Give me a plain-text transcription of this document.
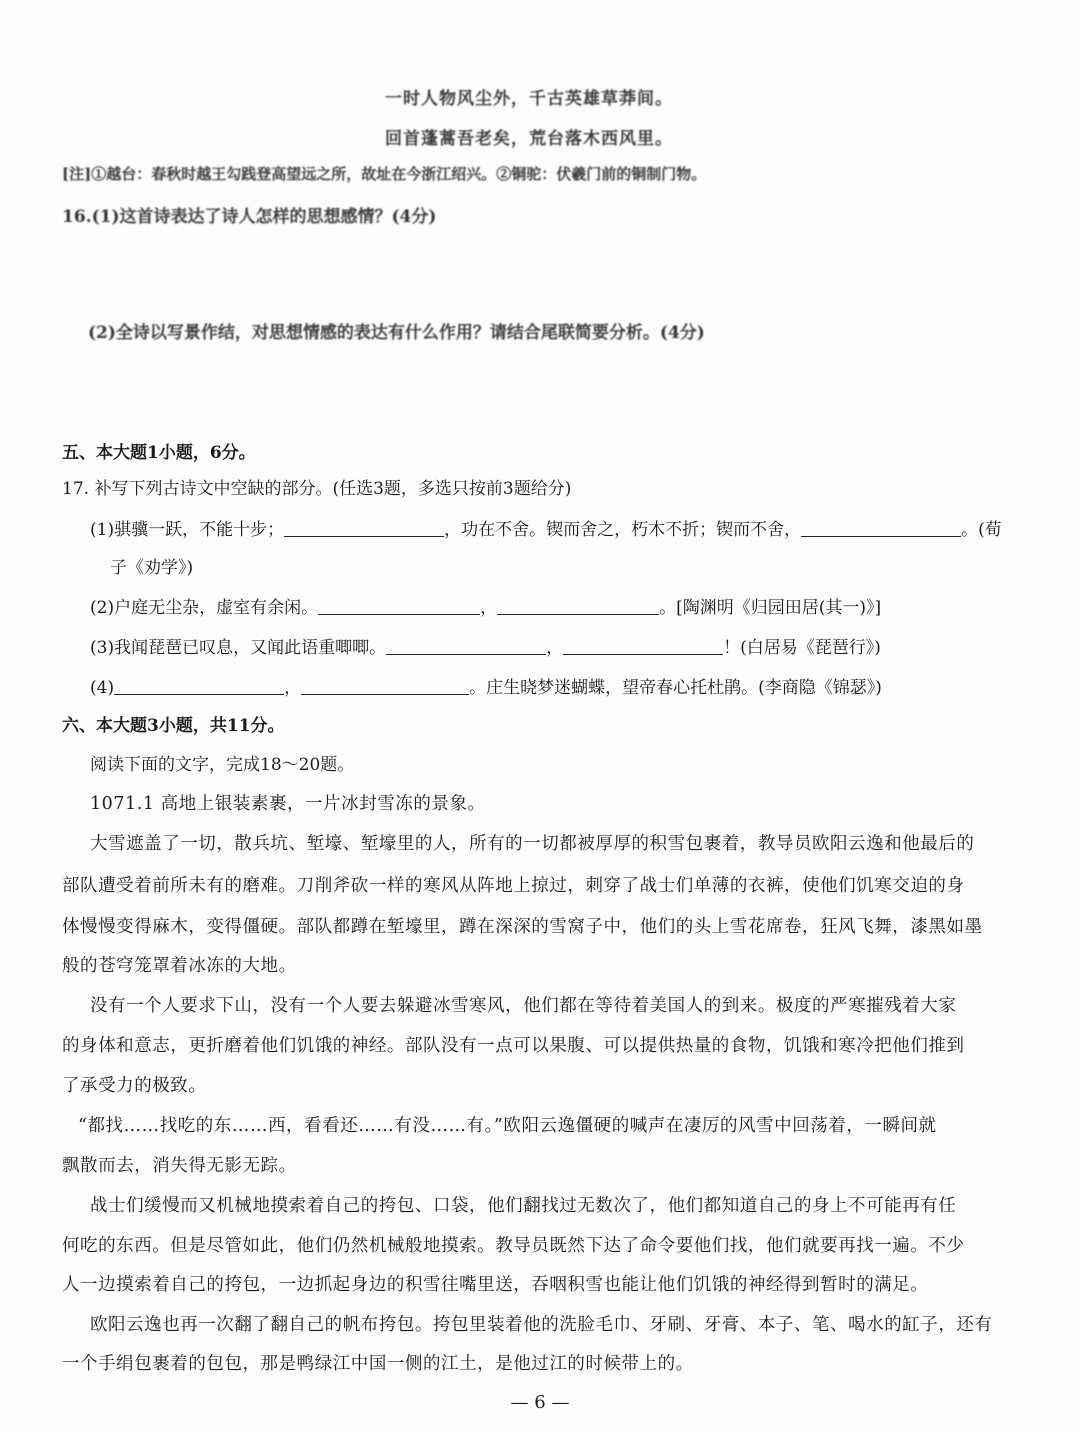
一时人物风尘外，千古英雄草莽间。
回首蓬蒿吾老矣，荒台落木西风里。
[注]①越台：春秋时越王勾践登高望远之所，故址在今浙江绍兴。②铜驼：伏羲门前的铜制门物。
16.(1)这首诗表达了诗人怎样的思想感情？(4分)
(2)全诗以写景作结，对思想情感的表达有什么作用？请结合尾联简要分析。(4分)
五、本大题1小题，6分。
17. 补写下列古诗文中空缺的部分。(任选3题，多选只按前3题给分)
(1)骐骥一跃，不能十步；	，功在不舍。锲而舍之，朽木不折；锲而不舍，	。(荀
子《劝学》)
(2)户庭无尘杂，虚室有余闲。	，	。[陶渊明《归园田居(其一)》]
(3)我闻琵琶已叹息，又闻此语重唧唧。	，	！(白居易《琵琶行》)
(4)	，	。庄生晓梦迷蝴蝶，望帝春心托杜鹃。(李商隐《锦瑟》)
六、本大题3小题，共11分。
阅读下面的文字，完成18～20题。
1071.1 高地上银装素裹，一片冰封雪冻的景象。
大雪遮盖了一切，散兵坑、堑壕、堑壕里的人，所有的一切都被厚厚的积雪包裹着，教导员欧阳云逸和他最后的
部队遭受着前所未有的磨难。刀削斧砍一样的寒风从阵地上掠过，刺穿了战士们单薄的衣裤，使他们饥寒交迫的身
体慢慢变得麻木，变得僵硬。部队都蹲在堑壕里，蹲在深深的雪窝子中，他们的头上雪花席卷，狂风飞舞，漆黑如墨
般的苍穹笼罩着冰冻的大地。
没有一个人要求下山，没有一个人要去躲避冰雪寒风，他们都在等待着美国人的到来。极度的严寒摧残着大家
的身体和意志，更折磨着他们饥饿的神经。部队没有一点可以果腹、可以提供热量的食物，饥饿和寒冷把他们推到
了承受力的极致。
“都找……找吃的东……西，看看还……有没……有。”欧阳云逸僵硬的喊声在凄厉的风雪中回荡着，一瞬间就
飘散而去，消失得无影无踪。
战士们缓慢而又机械地摸索着自己的挎包、口袋，他们翻找过无数次了，他们都知道自己的身上不可能再有任
何吃的东西。但是尽管如此，他们仍然机械般地摸索。教导员既然下达了命令要他们找，他们就要再找一遍。不少
人一边摸索着自己的挎包，一边抓起身边的积雪往嘴里送，吞咽积雪也能让他们饥饿的神经得到暂时的满足。
欧阳云逸也再一次翻了翻自己的帆布挎包。挎包里装着他的洗脸毛巾、牙刷、牙膏、本子、笔、喝水的缸子，还有
一个手绢包裹着的包包，那是鸭绿江中国一侧的江土，是他过江的时候带上的。
— 6 —
